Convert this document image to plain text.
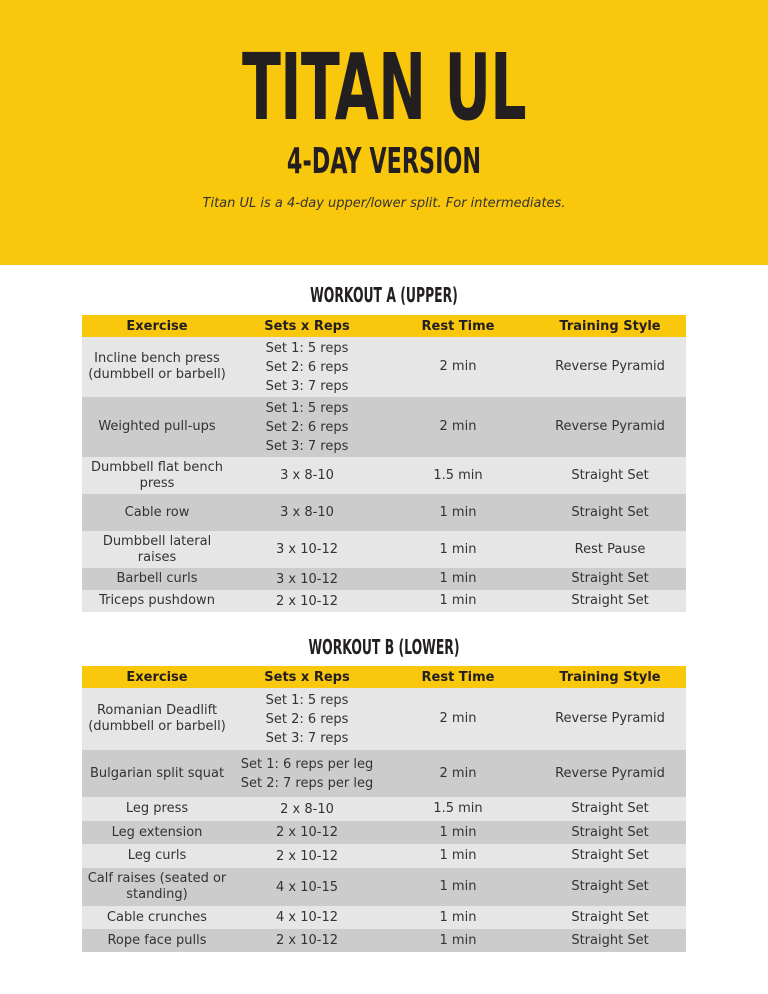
TITAN UL
4-DAY VERSION
Titan UL is a 4-day upper/lower split. For intermediates.
WORKOUT A (UPPER)
Exercise	Sets x Reps	Rest Time	Training Style
Incline bench press (dumbbell or barbell)	Set 1: 5 reps
Set 2: 6 reps
Set 3: 7 reps	2 min	Reverse Pyramid
Weighted pull-ups	Set 1: 5 reps
Set 2: 6 reps
Set 3: 7 reps	2 min	Reverse Pyramid
Dumbbell flat bench press	3 x 8-10	1.5 min	Straight Set
Cable row	3 x 8-10	1 min	Straight Set
Dumbbell lateral raises	3 x 10-12	1 min	Rest Pause
Barbell curls	3 x 10-12	1 min	Straight Set
Triceps pushdown	2 x 10-12	1 min	Straight Set
WORKOUT B (LOWER)
Exercise	Sets x Reps	Rest Time	Training Style
Romanian Deadlift (dumbbell or barbell)	Set 1: 5 reps
Set 2: 6 reps
Set 3: 7 reps	2 min	Reverse Pyramid
Bulgarian split squat	Set 1: 6 reps per leg
Set 2: 7 reps per leg	2 min	Reverse Pyramid
Leg press	2 x 8-10	1.5 min	Straight Set
Leg extension	2 x 10-12	1 min	Straight Set
Leg curls	2 x 10-12	1 min	Straight Set
Calf raises (seated or standing)	4 x 10-15	1 min	Straight Set
Cable crunches	4 x 10-12	1 min	Straight Set
Rope face pulls	2 x 10-12	1 min	Straight Set
